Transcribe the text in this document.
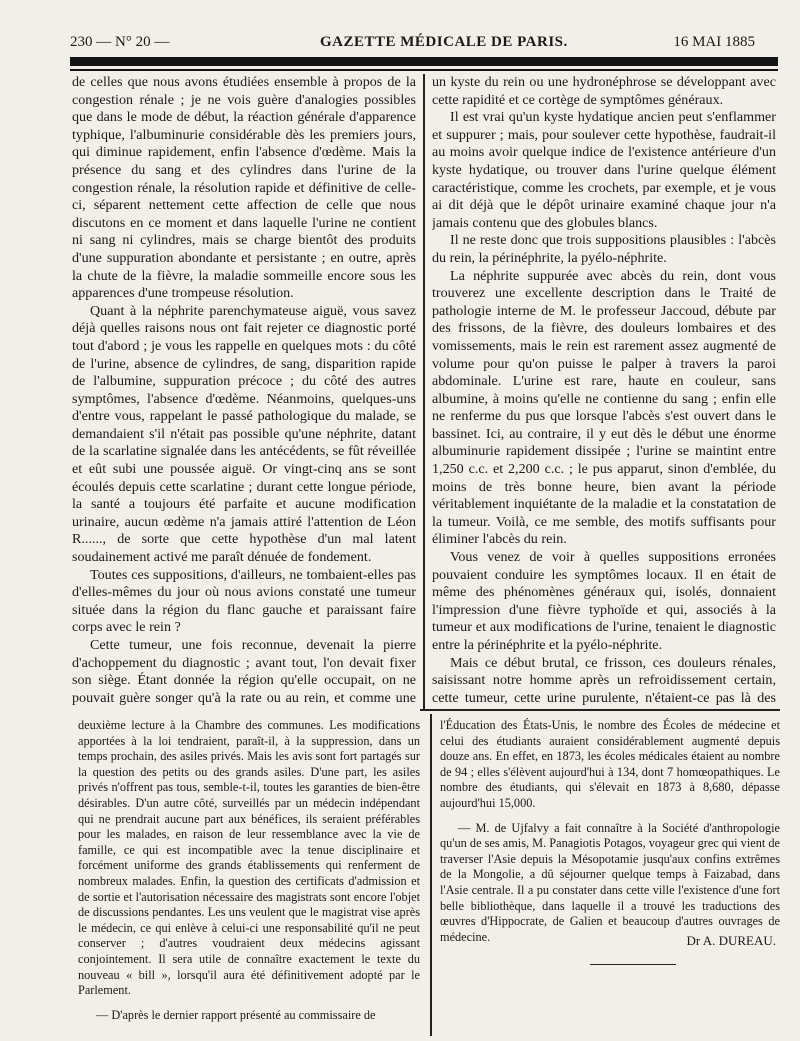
230 — N° 20 —	GAZETTE MÉDICALE DE PARIS.	16 MAI 1885

de celles que nous avons étudiées ensemble à propos de la congestion rénale ; je ne vois guère d'analogies possibles que dans le mode de début, la réaction générale d'apparence typhique, l'albuminurie considérable dès les premiers jours, qui diminue rapidement, enfin l'absence d'œdème. Mais la présence du sang et des cylindres dans l'urine de la congestion rénale, la résolution rapide et définitive de celle-ci, séparent nettement cette affection de celle que nous discutons en ce moment et dans laquelle l'urine ne contient ni sang ni cylindres, mais se charge bientôt des produits d'une suppuration abondante et persistante ; en outre, après la chute de la fièvre, la maladie sommeille encore sous les apparences d'une trompeuse résolution.

Quant à la néphrite parenchymateuse aiguë, vous savez déjà quelles raisons nous ont fait rejeter ce diagnostic porté tout d'abord ; je vous les rappelle en quelques mots : du côté de l'urine, absence de cylindres, de sang, disparition rapide de l'albumine, suppuration précoce ; du côté des autres symptômes, l'absence d'œdème. Néanmoins, quelques-uns d'entre vous, rappelant le passé pathologique du malade, se demandaient s'il n'était pas possible qu'une néphrite, datant de la scarlatine signalée dans les antécédents, se fût réveillée et eût subi une poussée aiguë. Or vingt-cinq ans se sont écoulés depuis cette scarlatine ; durant cette longue période, la santé a toujours été parfaite et aucune modification urinaire, aucun œdème n'a jamais attiré l'attention de Léon R......, de sorte que cette hypothèse d'un mal latent soudainement activé me paraît dénuée de fondement.

Toutes ces suppositions, d'ailleurs, ne tombaient-elles pas d'elles-mêmes du jour où nous avions constaté une tumeur située dans la région du flanc gauche et paraissant faire corps avec le rein ?

Cette tumeur, une fois reconnue, devenait la pierre d'achoppement du diagnostic ; avant tout, l'on devait fixer son siège. Étant donnée la région qu'elle occupait, on ne pouvait guère songer qu'à la rate ou au rein, et comme une

un kyste du rein ou une hydronéphrose se développant avec cette rapidité et ce cortège de symptômes généraux.

Il est vrai qu'un kyste hydatique ancien peut s'enflammer et suppurer ; mais, pour soulever cette hypothèse, faudrait-il au moins avoir quelque indice de l'existence antérieure d'un kyste hydatique, ou trouver dans l'urine quelque élément caractéristique, comme les crochets, par exemple, et je vous ai dit déjà que le dépôt urinaire examiné chaque jour n'a jamais contenu que des globules blancs.

Il ne reste donc que trois suppositions plausibles : l'abcès du rein, la périnéphrite, la pyélo-néphrite.

La néphrite suppurée avec abcès du rein, dont vous trouverez une excellente description dans le Traité de pathologie interne de M. le professeur Jaccoud, débute par des frissons, de la fièvre, des douleurs lombaires et des vomissements, mais le rein est rarement assez augmenté de volume pour qu'on puisse le palper à travers la paroi abdominale. L'urine est rare, haute en couleur, sans albumine, à moins qu'elle ne contienne du sang ; enfin elle ne renferme du pus que lorsque l'abcès s'est ouvert dans le bassinet. Ici, au contraire, il y eut dès le début une énorme albuminurie rapidement dissipée ; l'urine se maintint entre 1,250 c.c. et 2,200 c.c. ; le pus apparut, sinon d'emblée, du moins de très bonne heure, bien avant la période véritablement inquiétante de la maladie et la constatation de la tumeur. Voilà, ce me semble, des motifs suffisants pour éliminer l'abcès du rein.

Vous venez de voir à quelles suppositions erronées pouvaient conduire les symptômes locaux. Il en était de même des phénomènes généraux qui, isolés, donnaient l'impression d'une fièvre typhoïde et qui, associés à la tumeur et aux modifications de l'urine, tenaient le diagnostic entre la périnéphrite et la pyélo-néphrite.

Mais ce début brutal, ce frisson, ces douleurs rénales, saisissant notre homme après un refroidissement certain, cette tumeur, cette urine purulente, n'étaient-ce pas là des

deuxième lecture à la Chambre des communes. Les modifications apportées à la loi tendraient, paraît-il, à la suppression, dans un temps prochain, des asiles privés. Mais les avis sont fort partagés sur la question des petits ou des grands asiles. D'une part, les asiles privés n'offrent pas tous, semble-t-il, toutes les garanties de bien-être désirables. D'un autre côté, surveillés par un médecin indépendant qui ne prendrait aucune part aux bénéfices, ils seraient préférables pour les malades, en raison de leur ressemblance avec la vie de famille, ce qui est incompatible avec la tenue disciplinaire et forcément uniforme des grands établissements qui renferment de nombreux malades. Enfin, la question des certificats d'admission et de sortie et l'autorisation nécessaire des magistrats sont encore l'objet de discussions pendantes. Les uns veulent que le magistrat vise après le médecin, ce qui enlève à celui-ci une responsabilité qu'il ne peut conserver ; d'autres voudraient deux médecins agissant conjointement. Il sera utile de connaître exactement le texte du nouveau « bill », lorsqu'il aura été définitivement adopté par le Parlement.

— D'après le dernier rapport présenté au commissaire de

l'Éducation des États-Unis, le nombre des Écoles de médecine et celui des étudiants auraient considérablement augmenté depuis douze ans. En effet, en 1873, les écoles médicales étaient au nombre de 94 ; elles s'élèvent aujourd'hui à 134, dont 7 homœopathiques. Le nombre des étudiants, qui s'élevait en 1873 à 8,680, dépasse aujourd'hui 15,000.

— M. de Ujfalvy a fait connaître à la Société d'anthropologie qu'un de ses amis, M. Panagiotis Potagos, voyageur grec qui vient de traverser l'Asie depuis la Mésopotamie jusqu'aux confins extrêmes de la Mongolie, a dû séjourner quelque temps à Faizabad, dans l'Asie centrale. Il a pu constater dans cette ville l'existence d'une fort belle bibliothèque, dans laquelle il a trouvé les traductions des œuvres d'Hippocrate, de Galien et beaucoup d'autres ouvrages de médecine.	Dr A. DUREAU.
